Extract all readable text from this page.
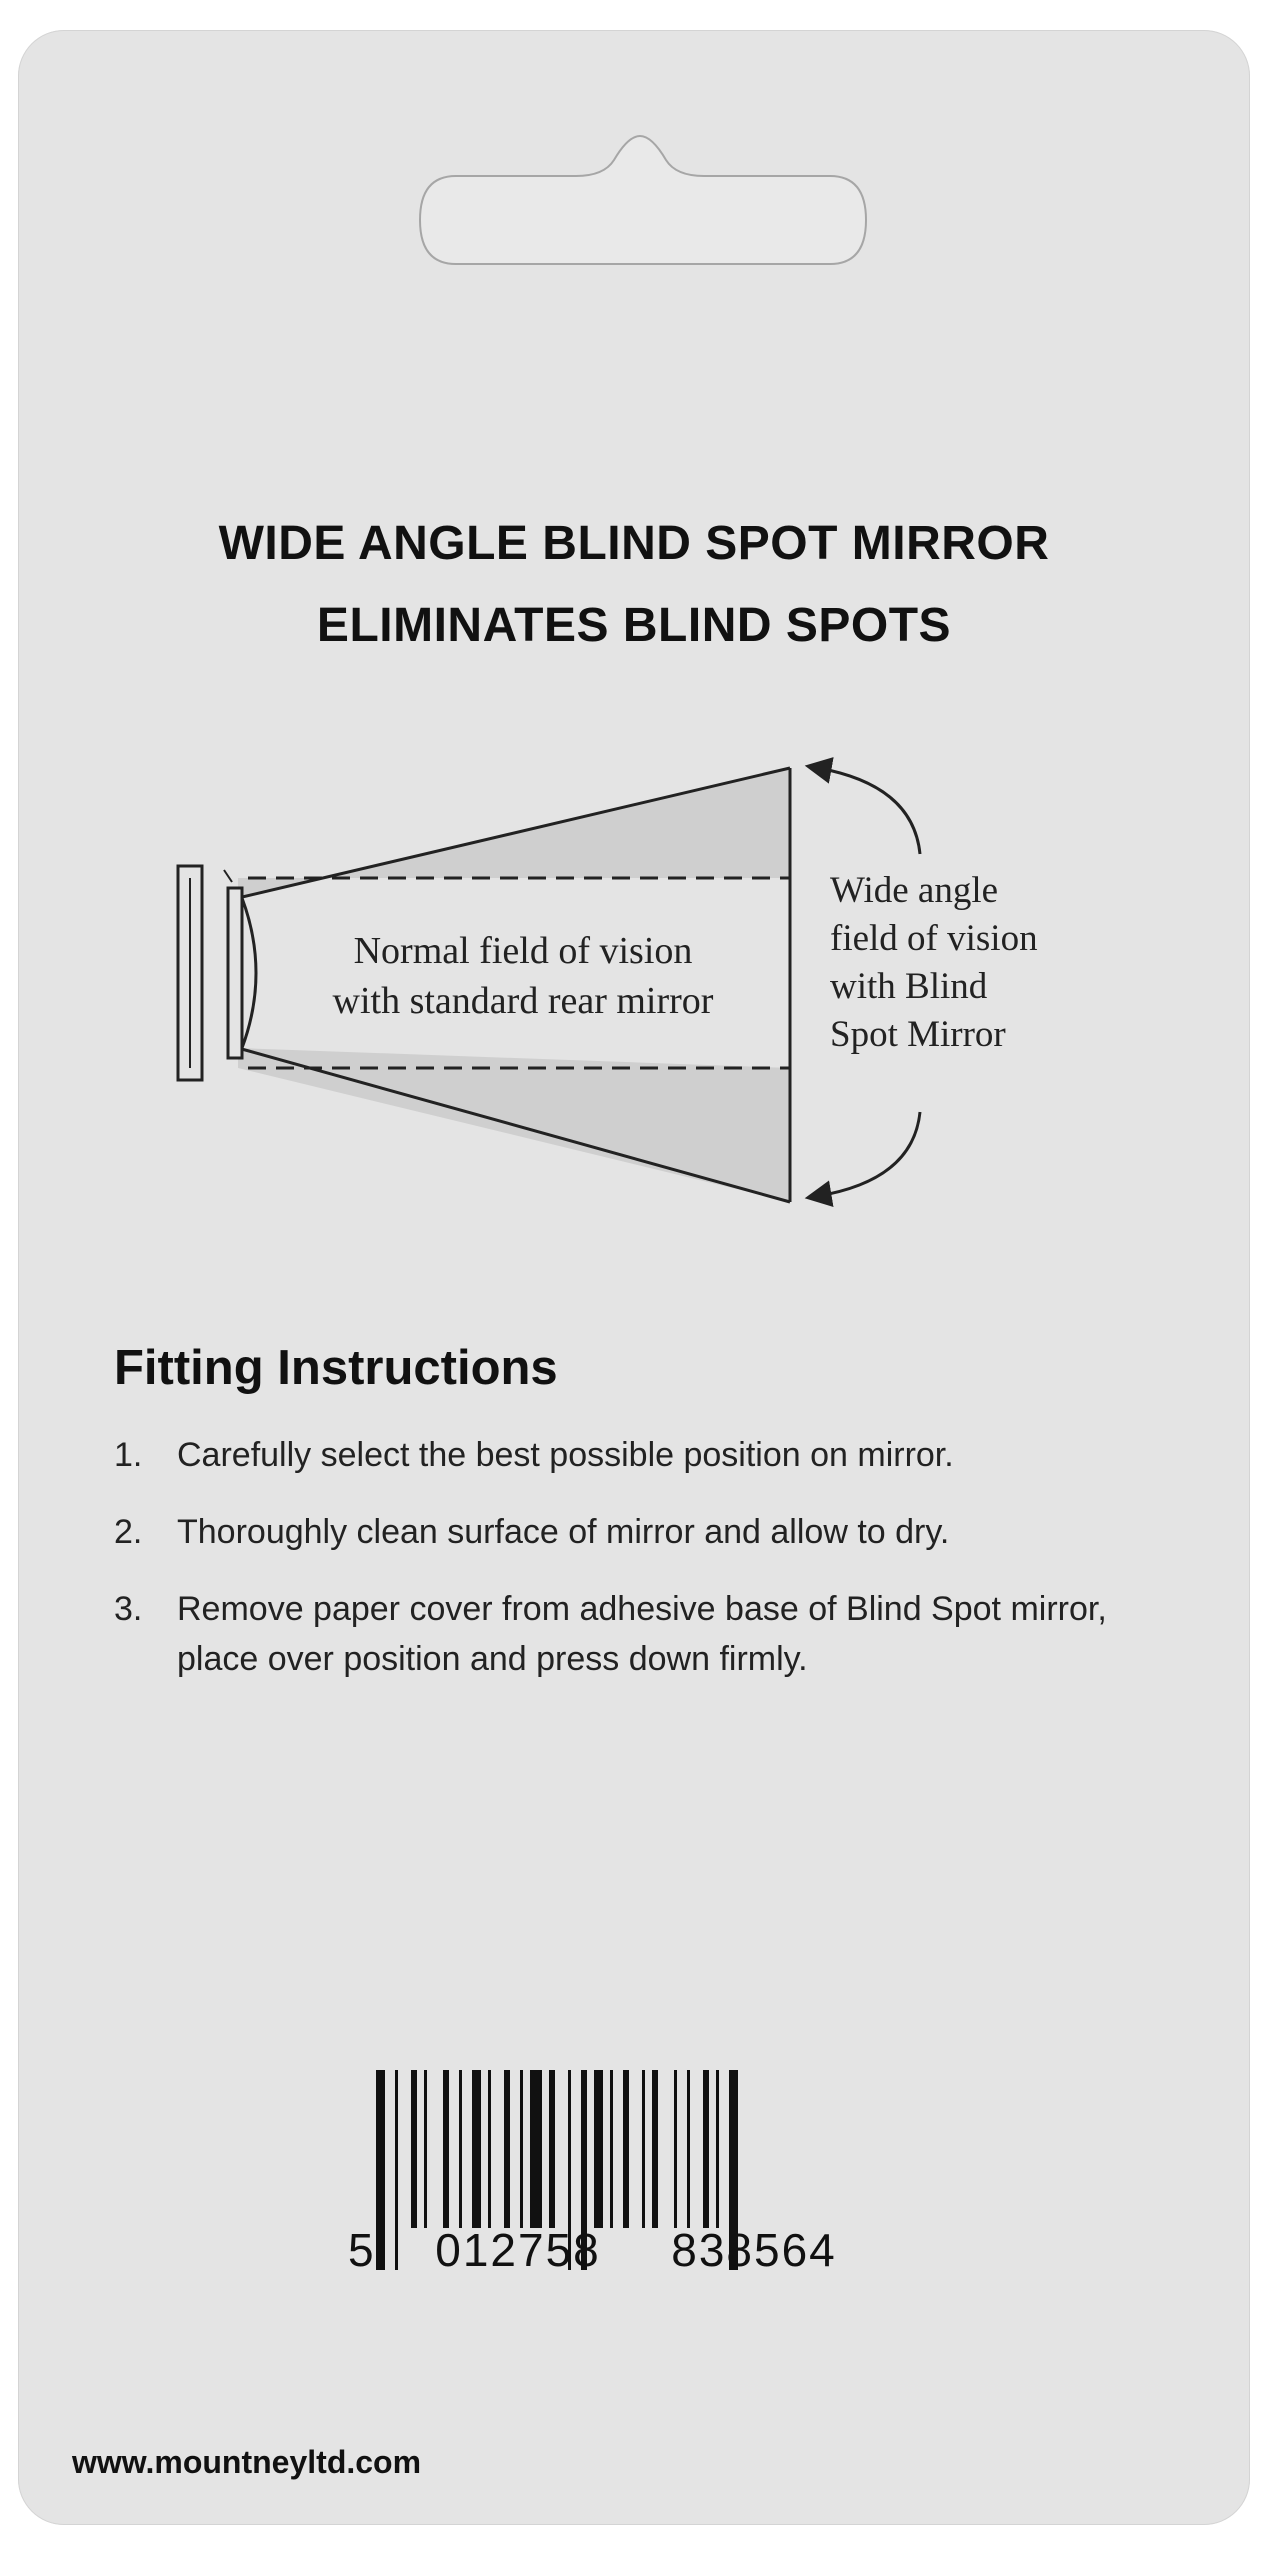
WIDE ANGLE BLIND SPOT MIRROR
ELIMINATES BLIND SPOTS
Normal field of vision
with standard rear mirror
Wide angle
field of vision
with Blind
Spot Mirror
Fitting Instructions
1.	Carefully select the best possible position on mirror.
2.	Thoroughly clean surface of mirror and allow to dry.
3.	Remove paper cover from adhesive base of Blind Spot mirror, place over position and press down firmly.
5 012758 838564
www.mountneyltd.com
